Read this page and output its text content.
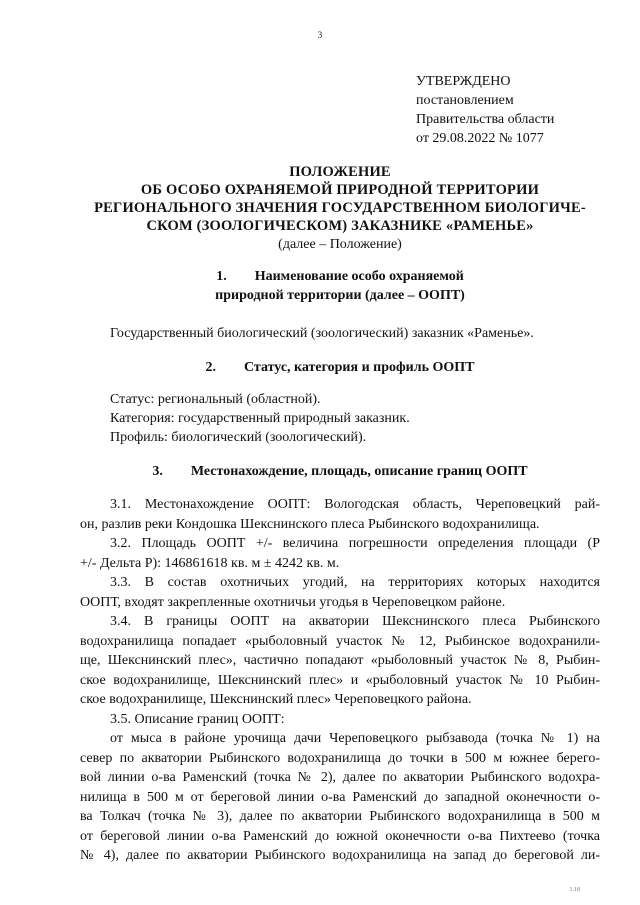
3
УТВЕРЖДЕНО
постановлением
Правительства области
от 29.08.2022 № 1077
ПОЛОЖЕНИЕ
ОБ ОСОБО ОХРАНЯЕМОЙ ПРИРОДНОЙ ТЕРРИТОРИИ
РЕГИОНАЛЬНОГО ЗНАЧЕНИЯ ГОСУДАРСТВЕННОМ БИОЛОГИЧЕ-
СКОМ (ЗООЛОГИЧЕСКОМ) ЗАКАЗНИКЕ «РАМЕНЬЕ»
(далее – Положение)
1. Наименование особо охраняемой
природной территории (далее – ООПТ)
Государственный биологический (зоологический) заказник «Раменье».
2. Статус, категория и профиль ООПТ
Статус: региональный (областной).
Категория: государственный природный заказник.
Профиль: биологический (зоологический).
3. Местонахождение, площадь, описание границ ООПТ
3.1. Местонахождение ООПТ: Вологодская область, Череповецкий рай-
он, разлив реки Кондошка Шекснинского плеса Рыбинского водохранилища.
3.2. Площадь ООПТ +/- величина погрешности определения площади (Р
+/- Дельта Р): 146861618 кв. м ± 4242 кв. м.
3.3. В состав охотничьих угодий, на территориях которых находится
ООПТ, входят закрепленные охотничьи угодья в Череповецком районе.
3.4. В границы ООПТ на акватории Шекснинского плеса Рыбинского
водохранилища попадает «рыболовный участок № 12, Рыбинское водохранили-
ще, Шекснинский плес», частично попадают «рыболовный участок № 8, Рыбин-
ское водохранилище, Шекснинский плес» и «рыболовный участок № 10 Рыбин-
ское водохранилище, Шекснинский плес» Череповецкого района.
3.5. Описание границ ООПТ:
от мыса в районе урочища дачи Череповецкого рыбзавода (точка № 1) на
север по акватории Рыбинского водохранилища до точки в 500 м южнее берего-
вой линии о-ва Раменский (точка № 2), далее по акватории Рыбинского водохра-
нилища в 500 м от береговой линии о-ва Раменский до западной оконечности о-
ва Толкач (точка № 3), далее по акватории Рыбинского водохранилища в 500 м
от береговой линии о-ва Раменский до южной оконечности о-ва Пихтеево (точка
№ 4), далее по акватории Рыбинского водохранилища на запад до береговой ли-
1.18
